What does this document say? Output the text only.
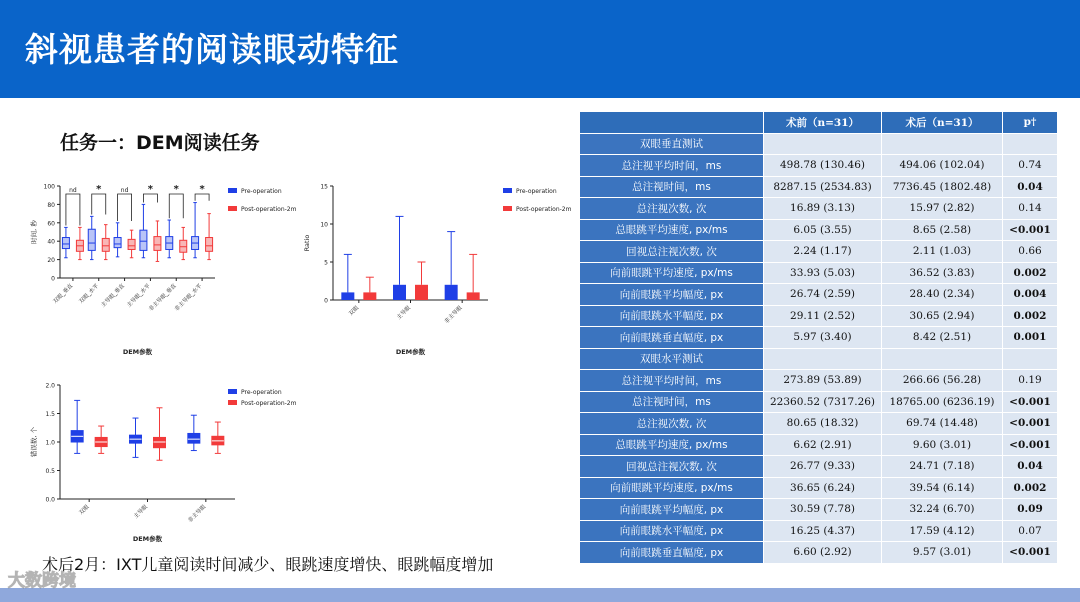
斜视患者的阅读眼动特征
任务一：DEM阅读任务
0
20
40
60
80
100
时间, 秒
DEM参数
双眼_垂直
nd
双眼_水平
*
主导眼_垂直
nd
主导眼_水平
*
非主导眼_垂直
*
非主导眼_水平
*	Pre-operation
Post-operation-2m
0
5
10
15
Ratio
DEM参数
双眼	主导眼	非主导眼
Pre-operation
Post-operation-2m
0.0
0.5
1.0
1.5
2.0
错误数, 个
DEM参数
双眼	主导眼	非主导眼
Pre-operation
Post-operation-2m
	术前（n=31）	术后（n=31）	p†
双眼垂直测试			
总注视平均时间，ms	498.78 (130.46)	494.06 (102.04)	0.74
总注视时间，ms	8287.15 (2534.83)	7736.45 (1802.48)	0.04
总注视次数, 次	16.89 (3.13)	15.97 (2.82)	0.14
总眼跳平均速度, px/ms	6.05 (3.55)	8.65 (2.58)	<0.001
回视总注视次数, 次	2.24 (1.17)	2.11 (1.03)	0.66
向前眼跳平均速度, px/ms	33.93 (5.03)	36.52 (3.83)	0.002
向前眼跳平均幅度, px	26.74 (2.59)	28.40 (2.34)	0.004
向前眼跳水平幅度, px	29.11 (2.52)	30.65 (2.94)	0.002
向前眼跳垂直幅度, px	5.97 (3.40)	8.42 (2.51)	0.001
双眼水平测试			
总注视平均时间，ms	273.89 (53.89)	266.66 (56.28)	0.19
总注视时间，ms	22360.52 (7317.26)	18765.00 (6236.19)	<0.001
总注视次数, 次	80.65 (18.32)	69.74 (14.48)	<0.001
总眼跳平均速度, px/ms	6.62 (2.91)	9.60 (3.01)	<0.001
回视总注视次数, 次	26.77 (9.33)	24.71 (7.18)	0.04
向前眼跳平均速度, px/ms	36.65 (6.24)	39.54 (6.14)	0.002
向前眼跳平均幅度, px	30.59 (7.78)	32.24 (6.70)	0.09
向前眼跳水平幅度, px	16.25 (4.37)	17.59 (4.12)	0.07
向前眼跳垂直幅度, px	6.60 (2.92)	9.57 (3.01)	<0.001
术后2月：IXT儿童阅读时间减少、眼跳速度增快、眼跳幅度增加
大数跨境
